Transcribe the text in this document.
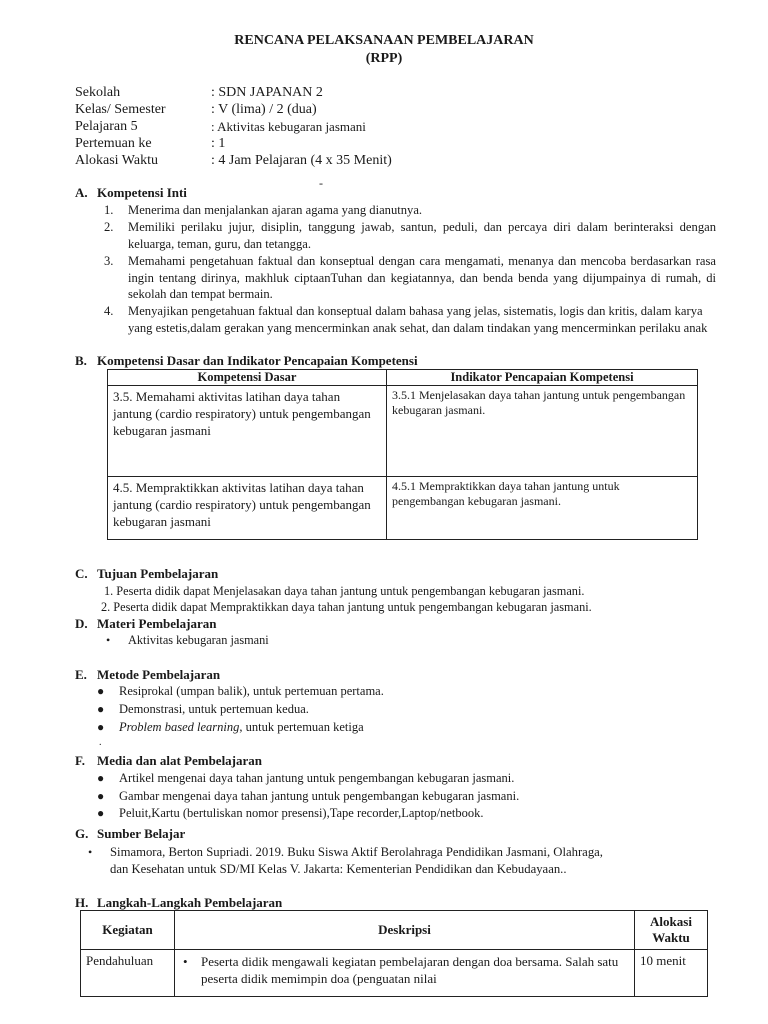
RENCANA PELAKSANAAN PEMBELAJARAN
(RPP)
Sekolah	: SDN JAPANAN 2
Kelas/ Semester	: V (lima) / 2 (dua)
Pelajaran 5	: Aktivitas kebugaran jasmani
Pertemuan ke	: 1
Alokasi Waktu	: 4 Jam Pelajaran (4 x 35 Menit)
-
A. Kompetensi Inti
1. Menerima dan menjalankan ajaran agama yang dianutnya.
2. Memiliki perilaku jujur, disiplin, tanggung jawab, santun, peduli, dan percaya diri dalam berinteraksi dengan keluarga, teman, guru, dan tetangga.
3. Memahami pengetahuan faktual dan konseptual dengan cara mengamati, menanya dan mencoba berdasarkan rasa ingin tentang dirinya, makhluk ciptaanTuhan dan kegiatannya, dan benda benda yang dijumpainya di rumah, di sekolah dan tempat bermain.
4. Menyajikan pengetahuan faktual dan konseptual dalam bahasa yang jelas, sistematis, logis dan kritis, dalam karya yang estetis,dalam gerakan yang mencerminkan anak sehat, dan dalam tindakan yang mencerminkan perilaku anak
B. Kompetensi Dasar dan Indikator Pencapaian Kompetensi
Kompetensi Dasar	Indikator Pencapaian Kompetensi
3.5. Memahami aktivitas latihan daya tahan jantung (cardio respiratory) untuk pengembangan kebugaran jasmani	3.5.1 Menjelasakan daya tahan jantung untuk pengembangan kebugaran jasmani.
4.5. Mempraktikkan aktivitas latihan daya tahan jantung (cardio respiratory) untuk pengembangan kebugaran jasmani	4.5.1 Mempraktikkan daya tahan jantung untuk pengembangan kebugaran jasmani.
C. Tujuan Pembelajaran
1. Peserta didik dapat Menjelasakan daya tahan jantung untuk pengembangan kebugaran jasmani.
2. Peserta didik dapat Mempraktikkan daya tahan jantung untuk pengembangan kebugaran jasmani.
D. Materi Pembelajaran
• Aktivitas kebugaran jasmani
E. Metode Pembelajaran
● Resiprokal (umpan balik), untuk pertemuan pertama.
● Demonstrasi, untuk pertemuan kedua.
● Problem based learning, untuk pertemuan ketiga
.
F. Media dan alat Pembelajaran
● Artikel mengenai daya tahan jantung untuk pengembangan kebugaran jasmani.
● Gambar mengenai daya tahan jantung untuk pengembangan kebugaran jasmani.
● Peluit,Kartu (bertuliskan nomor presensi),Tape recorder,Laptop/netbook.
G. Sumber Belajar
• Simamora, Berton Supriadi. 2019. Buku Siswa Aktif Berolahraga Pendidikan Jasmani, Olahraga,
dan Kesehatan untuk SD/MI Kelas V. Jakarta: Kementerian Pendidikan dan Kebudayaan..
H. Langkah-Langkah Pembelajaran
Kegiatan	Deskripsi	Alokasi Waktu
Pendahuluan	• Peserta didik mengawali kegiatan pembelajaran dengan doa bersama. Salah satu peserta didik memimpin doa (penguatan nilai	10 menit
